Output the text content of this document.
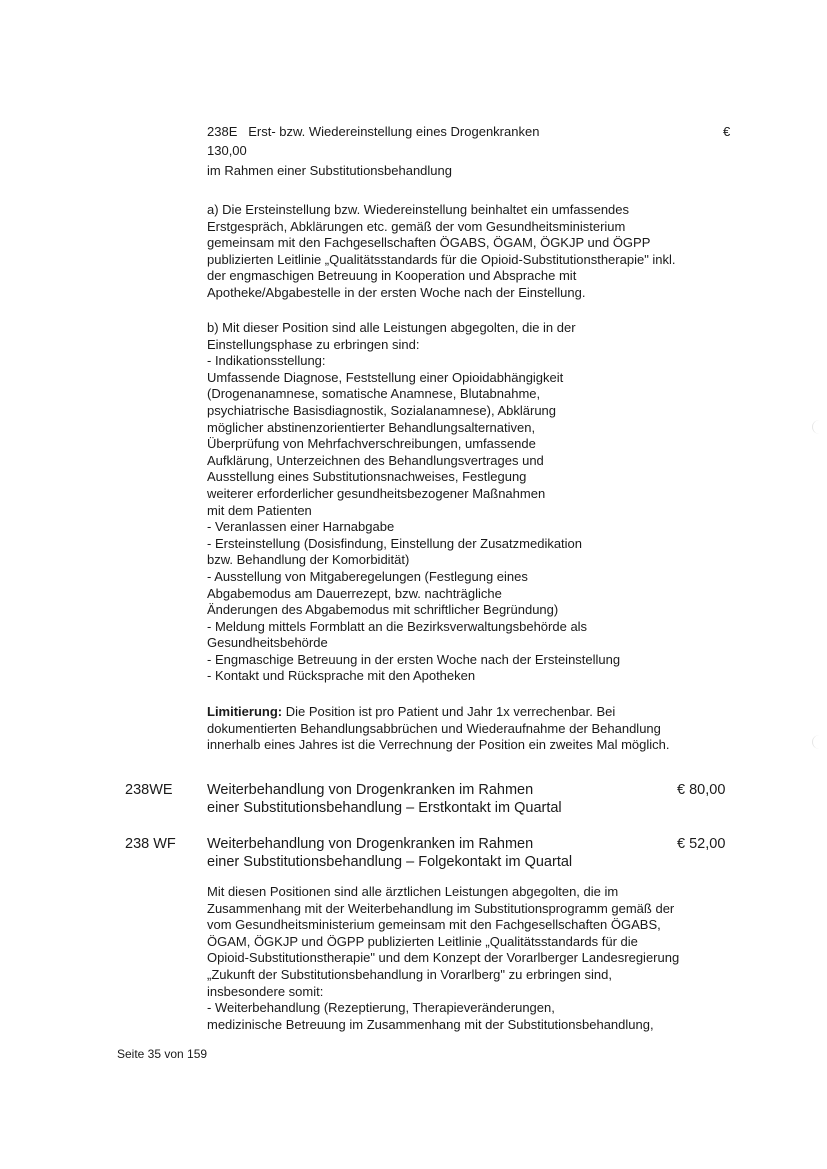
238E Erst- bzw. Wiedereinstellung eines Drogenkranken	€
130,00
im Rahmen einer Substitutionsbehandlung
a) Die Ersteinstellung bzw. Wiedereinstellung beinhaltet ein umfassendes
Erstgespräch, Abklärungen etc. gemäß der vom Gesundheitsministerium
gemeinsam mit den Fachgesellschaften ÖGABS, ÖGAM, ÖGKJP und ÖGPP
publizierten Leitlinie „Qualitätsstandards für die Opioid-Substitutionstherapie" inkl.
der engmaschigen Betreuung in Kooperation und Absprache mit
Apotheke/Abgabestelle in der ersten Woche nach der Einstellung.
b) Mit dieser Position sind alle Leistungen abgegolten, die in der
Einstellungsphase zu erbringen sind:
- Indikationsstellung:
Umfassende Diagnose, Feststellung einer Opioidabhängigkeit
(Drogenanamnese, somatische Anamnese, Blutabnahme,
psychiatrische Basisdiagnostik, Sozialanamnese), Abklärung
möglicher abstinenzorientierter Behandlungsalternativen,
Überprüfung von Mehrfachverschreibungen, umfassende
Aufklärung, Unterzeichnen des Behandlungsvertrages und
Ausstellung eines Substitutionsnachweises, Festlegung
weiterer erforderlicher gesundheitsbezogener Maßnahmen
mit dem Patienten
- Veranlassen einer Harnabgabe
- Ersteinstellung (Dosisfindung, Einstellung der Zusatzmedikation
bzw. Behandlung der Komorbidität)
- Ausstellung von Mitgaberegelungen (Festlegung eines
Abgabemodus am Dauerrezept, bzw. nachträgliche
Änderungen des Abgabemodus mit schriftlicher Begründung)
- Meldung mittels Formblatt an die Bezirksverwaltungsbehörde als
Gesundheitsbehörde
- Engmaschige Betreuung in der ersten Woche nach der Ersteinstellung
- Kontakt und Rücksprache mit den Apotheken
Limitierung: Die Position ist pro Patient und Jahr 1x verrechenbar. Bei
dokumentierten Behandlungsabbrüchen und Wiederaufnahme der Behandlung
innerhalb eines Jahres ist die Verrechnung der Position ein zweites Mal möglich.
238WE Weiterbehandlung von Drogenkranken im Rahmen
einer Substitutionsbehandlung – Erstkontakt im Quartal
€ 80,00
238 WF Weiterbehandlung von Drogenkranken im Rahmen
einer Substitutionsbehandlung – Folgekontakt im Quartal
€ 52,00
Mit diesen Positionen sind alle ärztlichen Leistungen abgegolten, die im
Zusammenhang mit der Weiterbehandlung im Substitutionsprogramm gemäß der
vom Gesundheitsministerium gemeinsam mit den Fachgesellschaften ÖGABS,
ÖGAM, ÖGKJP und ÖGPP publizierten Leitlinie „Qualitätsstandards für die
Opioid-Substitutionstherapie" und dem Konzept der Vorarlberger Landesregierung
„Zukunft der Substitutionsbehandlung in Vorarlberg" zu erbringen sind,
insbesondere somit:
- Weiterbehandlung (Rezeptierung, Therapieveränderungen,
medizinische Betreuung im Zusammenhang mit der Substitutionsbehandlung,
Seite 35 von 159
